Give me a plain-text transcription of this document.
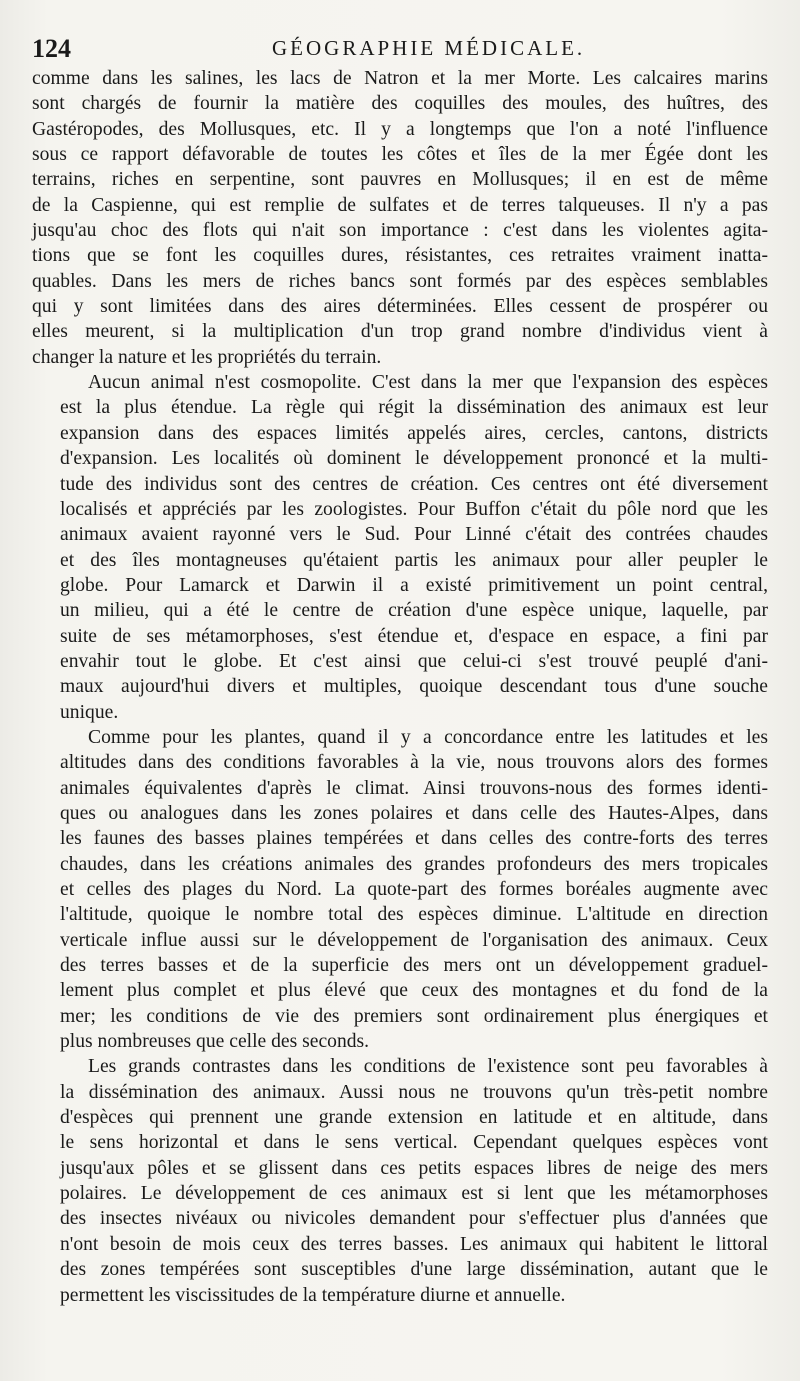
124	GÉOGRAPHIE MÉDICALE.
comme dans les salines, les lacs de Natron et la mer Morte. Les calcaires marins
sont chargés de fournir la matière des coquilles des moules, des huîtres, des
Gastéropodes, des Mollusques, etc. Il y a longtemps que l'on a noté l'influence
sous ce rapport défavorable de toutes les côtes et îles de la mer Égée dont les
terrains, riches en serpentine, sont pauvres en Mollusques; il en est de même
de la Caspienne, qui est remplie de sulfates et de terres talqueuses. Il n'y a pas
jusqu'au choc des flots qui n'ait son importance : c'est dans les violentes agita-
tions que se font les coquilles dures, résistantes, ces retraites vraiment inatta-
quables. Dans les mers de riches bancs sont formés par des espèces semblables
qui y sont limitées dans des aires déterminées. Elles cessent de prospérer ou
elles meurent, si la multiplication d'un trop grand nombre d'individus vient à
changer la nature et les propriétés du terrain.
Aucun animal n'est cosmopolite. C'est dans la mer que l'expansion des espèces
est la plus étendue. La règle qui régit la dissémination des animaux est leur
expansion dans des espaces limités appelés aires, cercles, cantons, districts
d'expansion. Les localités où dominent le développement prononcé et la multi-
tude des individus sont des centres de création. Ces centres ont été diversement
localisés et appréciés par les zoologistes. Pour Buffon c'était du pôle nord que les
animaux avaient rayonné vers le Sud. Pour Linné c'était des contrées chaudes
et des îles montagneuses qu'étaient partis les animaux pour aller peupler le
globe. Pour Lamarck et Darwin il a existé primitivement un point central,
un milieu, qui a été le centre de création d'une espèce unique, laquelle, par
suite de ses métamorphoses, s'est étendue et, d'espace en espace, a fini par
envahir tout le globe. Et c'est ainsi que celui-ci s'est trouvé peuplé d'ani-
maux aujourd'hui divers et multiples, quoique descendant tous d'une souche
unique.
Comme pour les plantes, quand il y a concordance entre les latitudes et les
altitudes dans des conditions favorables à la vie, nous trouvons alors des formes
animales équivalentes d'après le climat. Ainsi trouvons-nous des formes identi-
ques ou analogues dans les zones polaires et dans celle des Hautes-Alpes, dans
les faunes des basses plaines tempérées et dans celles des contre-forts des terres
chaudes, dans les créations animales des grandes profondeurs des mers tropicales
et celles des plages du Nord. La quote-part des formes boréales augmente avec
l'altitude, quoique le nombre total des espèces diminue. L'altitude en direction
verticale influe aussi sur le développement de l'organisation des animaux. Ceux
des terres basses et de la superficie des mers ont un développement graduel-
lement plus complet et plus élevé que ceux des montagnes et du fond de la
mer; les conditions de vie des premiers sont ordinairement plus énergiques et
plus nombreuses que celle des seconds.
Les grands contrastes dans les conditions de l'existence sont peu favorables à
la dissémination des animaux. Aussi nous ne trouvons qu'un très-petit nombre
d'espèces qui prennent une grande extension en latitude et en altitude, dans
le sens horizontal et dans le sens vertical. Cependant quelques espèces vont
jusqu'aux pôles et se glissent dans ces petits espaces libres de neige des mers
polaires. Le développement de ces animaux est si lent que les métamorphoses
des insectes nivéaux ou nivicoles demandent pour s'effectuer plus d'années que
n'ont besoin de mois ceux des terres basses. Les animaux qui habitent le littoral
des zones tempérées sont susceptibles d'une large dissémination, autant que le
permettent les viscissitudes de la température diurne et annuelle.
